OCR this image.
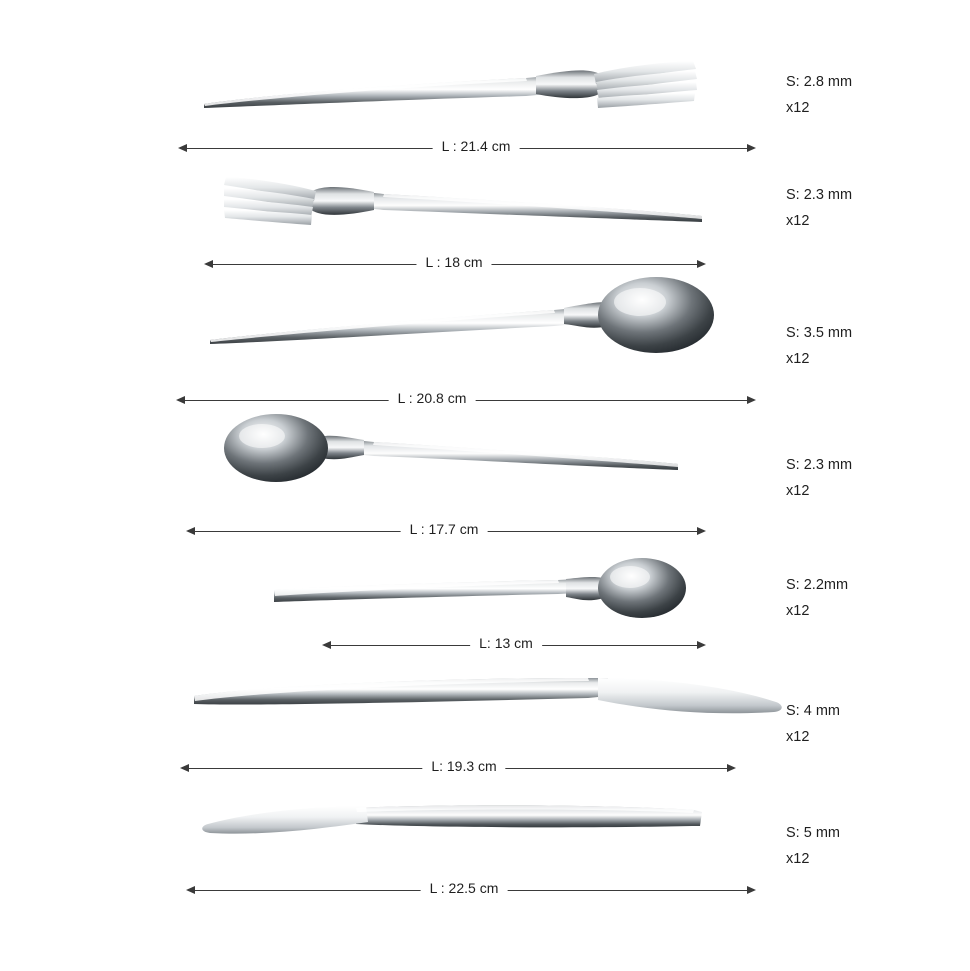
S: 2.8 mm
x12
L : 21.4 cm
S: 2.3 mm
x12
L : 18 cm
S: 3.5 mm
x12
L : 20.8 cm
S: 2.3 mm
x12
L : 17.7 cm
S: 2.2mm
x12
L: 13 cm
S: 4 mm
x12
L: 19.3 cm
S: 5 mm
x12
L : 22.5 cm
